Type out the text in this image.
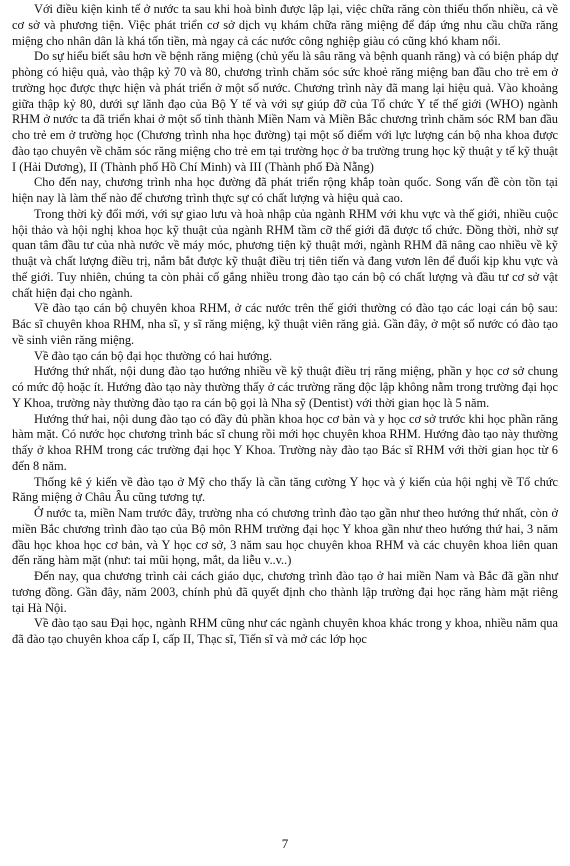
Với điều kiện kinh tế ở nước ta sau khi hoà bình được lập lại, việc chữa răng còn thiếu thốn nhiều, cả về cơ sở và phương tiện. Việc phát triển cơ sở dịch vụ khám chữa răng miệng để đáp ứng nhu cầu chữa răng miệng cho nhân dân là khá tốn tiền, mà ngay cả các nước công nghiệp giàu có cũng khó kham nổi.

Do sự hiểu biết sâu hơn về bệnh răng miệng (chủ yếu là sâu răng và bệnh quanh răng) và có biện pháp dự phòng có hiệu quả, vào thập kỷ 70 và 80, chương trình chăm sóc sức khoẻ răng miệng ban đầu cho trẻ em ở trường học được thực hiện và phát triển ở một số nước. Chương trình này đã mang lại hiệu quả. Vào khoảng giữa thập kỷ 80, dưới sự lãnh đạo của Bộ Y tế và với sự giúp đỡ của Tổ chức Y tế thế giới (WHO) ngành RHM ở nước ta đã triển khai ở một số tỉnh thành Miền Nam và Miền Bắc chương trình chăm sóc RM ban đầu cho trẻ em ở trường học (Chương trình nha học đường) tại một số điểm với lực lượng cán bộ nha khoa được đào tạo chuyên về chăm sóc răng miệng cho trẻ em tại trường học ở ba trường trung học kỹ thuật y tế kỹ thuật I (Hải Dương), II (Thành phố Hồ Chí Minh) và III (Thành phố Đà Nẵng)

Cho đến nay, chương trình nha học đường đã phát triển rộng khắp toàn quốc. Song vấn đề còn tồn tại hiện nay là làm thế nào để chương trình thực sự có chất lượng và hiệu quả cao.

Trong thời kỳ đổi mới, với sự giao lưu và hoà nhập của ngành RHM với khu vực và thế giới, nhiều cuộc hội thảo và hội nghị khoa học kỹ thuật của ngành RHM tầm cỡ thế giới đã được tổ chức. Đồng thời, nhờ sự quan tâm đầu tư của nhà nước về máy móc, phương tiện kỹ thuật mới, ngành RHM đã nâng cao nhiều về kỹ thuật và chất lượng điều trị, nắm bắt được kỹ thuật điều trị tiên tiến và đang vươn lên để đuổi kịp khu vực và thế giới. Tuy nhiên, chúng ta còn phải cố gắng nhiều trong đào tạo cán bộ có chất lượng và đầu tư cơ sở vật chất hiện đại cho ngành.

Về đào tạo cán bộ chuyên khoa RHM, ở các nước trên thế giới thường có đào tạo các loại cán bộ sau: Bác sĩ chuyên khoa RHM, nha sĩ, y sĩ răng miệng, kỹ thuật viên răng giả. Gần đây, ở một số nước có đào tạo về sinh viên răng miệng.

Về đào tạo cán bộ đại học thường có hai hướng.

Hướng thứ nhất, nội dung đào tạo hướng nhiều về kỹ thuật điều trị răng miệng, phần y học cơ sở chung có mức độ hoặc ít. Hướng đào tạo này thường thấy ở các trường răng độc lập không nằm trong trường đại học Y Khoa, trường này thường đào tạo ra cán bộ gọi là Nha sỹ (Dentist) với thời gian học là 5 năm.

Hướng thứ hai, nội dung đào tạo có đầy đủ phần khoa học cơ bản và y học cơ sở trước khi học phần răng hàm mặt. Có nước học chương trình bác sĩ chung rồi mới học chuyên khoa RHM. Hướng đào tạo này thường thấy ở khoa RHM trong các trường đại học Y Khoa. Trường này đào tạo Bác sĩ RHM với thời gian học từ 6 đến 8 năm.

Thống kê ý kiến về đào tạo ở Mỹ cho thấy là cần tăng cường Y học và ý kiến của hội nghị về Tổ chức Răng miệng ở Châu Âu cũng tương tự.

Ở nước ta, miền Nam trước đây, trường nha có chương trình đào tạo gần như theo hướng thứ nhất, còn ở miền Bắc chương trình đào tạo của Bộ môn RHM trường đại học Y khoa gần như theo hướng thứ hai, 3 năm đầu học khoa học cơ bản, và Y học cơ sở, 3 năm sau học chuyên khoa RHM và các chuyên khoa liên quan đến răng hàm mặt (như: tai mũi họng, mắt, da liễu v..v..)

Đến nay, qua chương trình cải cách giáo dục, chương trình đào tạo ở hai miền Nam và Bắc đã gần như tương đồng. Gần đây, năm 2003, chính phủ đã quyết định cho thành lập trường đại học răng hàm mặt riêng tại Hà Nội.

Về đào tạo sau Đại học, ngành RHM cũng như các ngành chuyên khoa khác trong y khoa, nhiều năm qua đã đào tạo chuyên khoa cấp I, cấp II, Thạc sĩ, Tiến sĩ và mở các lớp học

7
